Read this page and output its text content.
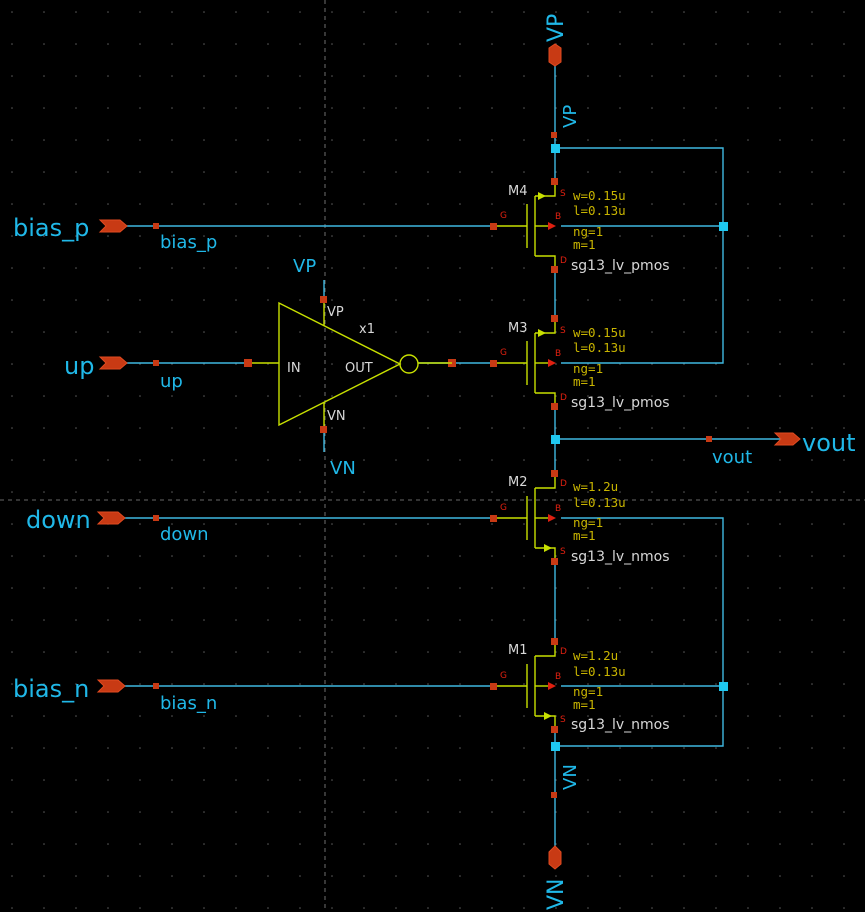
VP
VP
VN
VN
bias_p
bias_p
up
up
down
down
bias_n
bias_n
vout
vout
IN	OUT
VP
VN
x1
VP
VN
S
B
D
G
M4	w=0.15u
l=0.13u
ng=1
m=1
sg13_lv_pmos
S
B
D
G
M3	w=0.15u
l=0.13u
ng=1
m=1
sg13_lv_pmos
D
B
S
G
M2	w=1.2u
l=0.13u
ng=1
m=1
sg13_lv_nmos
D
B
S
G
M1	w=1.2u
l=0.13u
ng=1
m=1
sg13_lv_nmos
